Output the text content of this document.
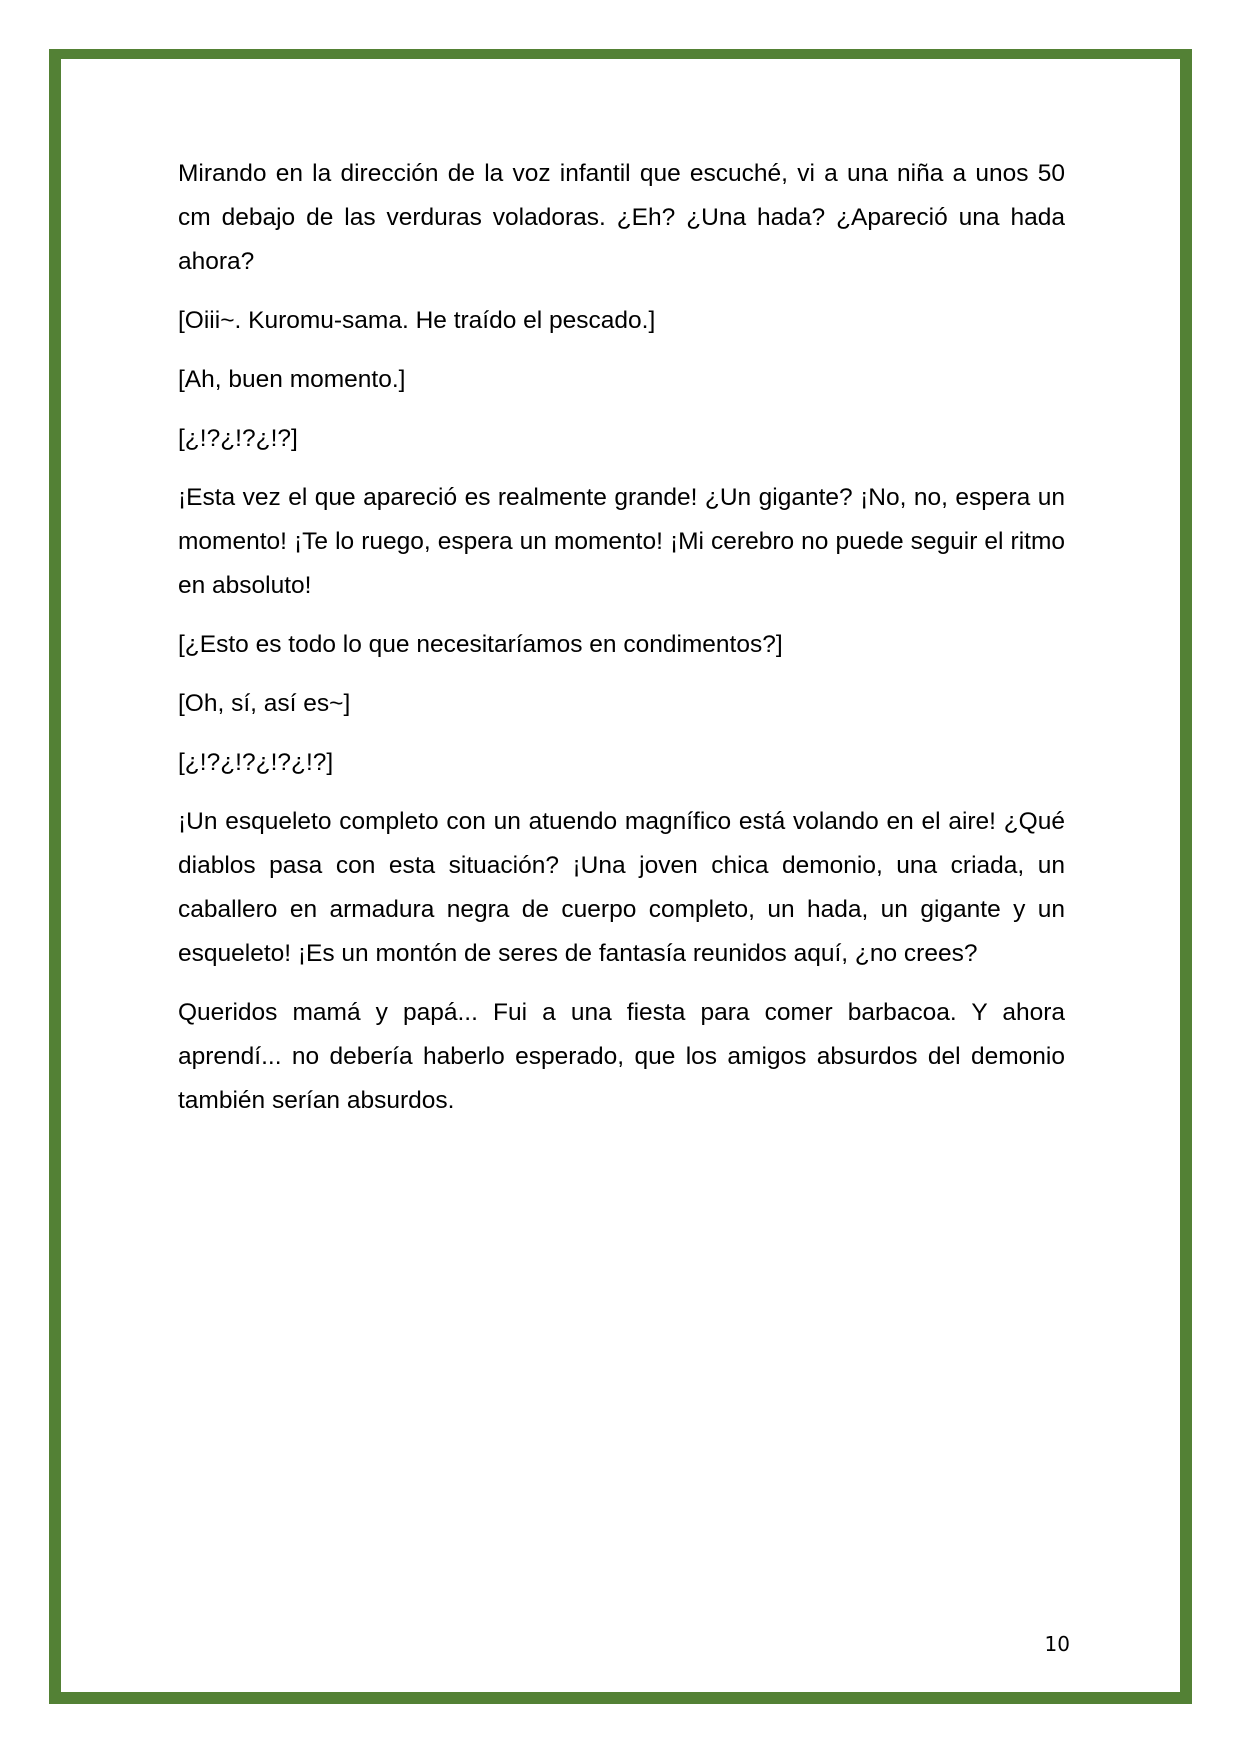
Mirando en la dirección de la voz infantil que escuché, vi a una niña a unos 50 cm debajo de las verduras voladoras. ¿Eh? ¿Una hada? ¿Apareció una hada ahora?

[Oiii~. Kuromu-sama. He traído el pescado.]

[Ah, buen momento.]

[¿!?¿!?¿!?]

¡Esta vez el que apareció es realmente grande! ¿Un gigante? ¡No, no, espera un momento! ¡Te lo ruego, espera un momento! ¡Mi cerebro no puede seguir el ritmo en absoluto!

[¿Esto es todo lo que necesitaríamos en condimentos?]

[Oh, sí, así es~]

[¿!?¿!?¿!?¿!?]

¡Un esqueleto completo con un atuendo magnífico está volando en el aire! ¿Qué diablos pasa con esta situación? ¡Una joven chica demonio, una criada, un caballero en armadura negra de cuerpo completo, un hada, un gigante y un esqueleto! ¡Es un montón de seres de fantasía reunidos aquí, ¿no crees?

Queridos mamá y papá... Fui a una fiesta para comer barbacoa. Y ahora aprendí... no debería haberlo esperado, que los amigos absurdos del demonio también serían absurdos.

10
